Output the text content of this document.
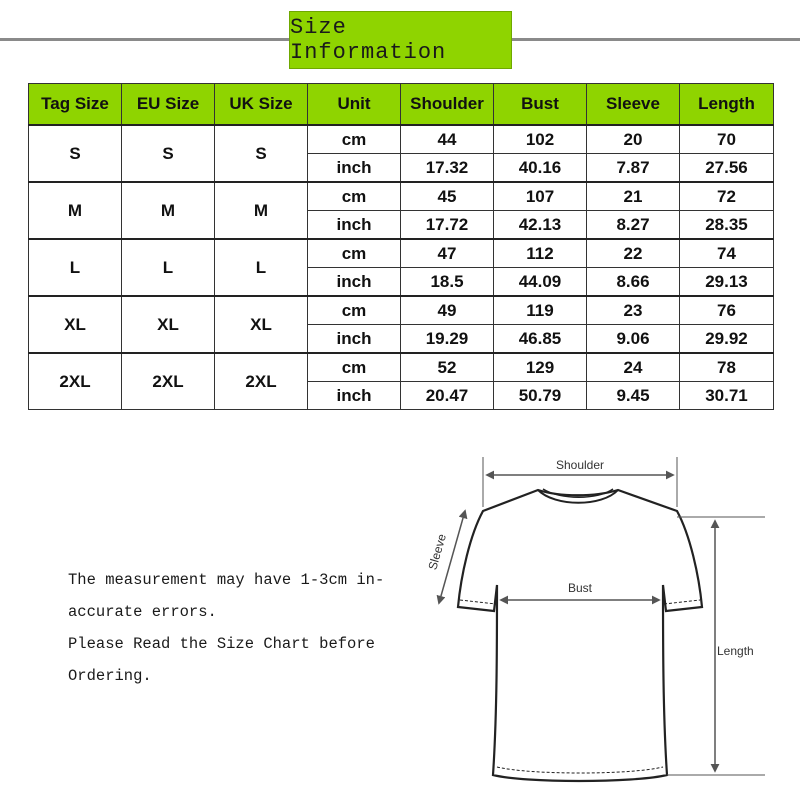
Size Information
Tag Size	EU Size	UK Size	Unit	Shoulder	Bust	Sleeve	Length
S	S	S	cm	44	102	20	70
			inch	17.32	40.16	7.87	27.56
M	M	M	cm	45	107	21	72
			inch	17.72	42.13	8.27	28.35
L	L	L	cm	47	112	22	74
			inch	18.5	44.09	8.66	29.13
XL	XL	XL	cm	49	119	23	76
			inch	19.29	46.85	9.06	29.92
2XL	2XL	2XL	cm	52	129	24	78
			inch	20.47	50.79	9.45	30.71
The measurement may have 1-3cm in-
accurate errors.
Please Read the Size Chart before
Ordering.
Shoulder
Bust
Sleeve
Length
